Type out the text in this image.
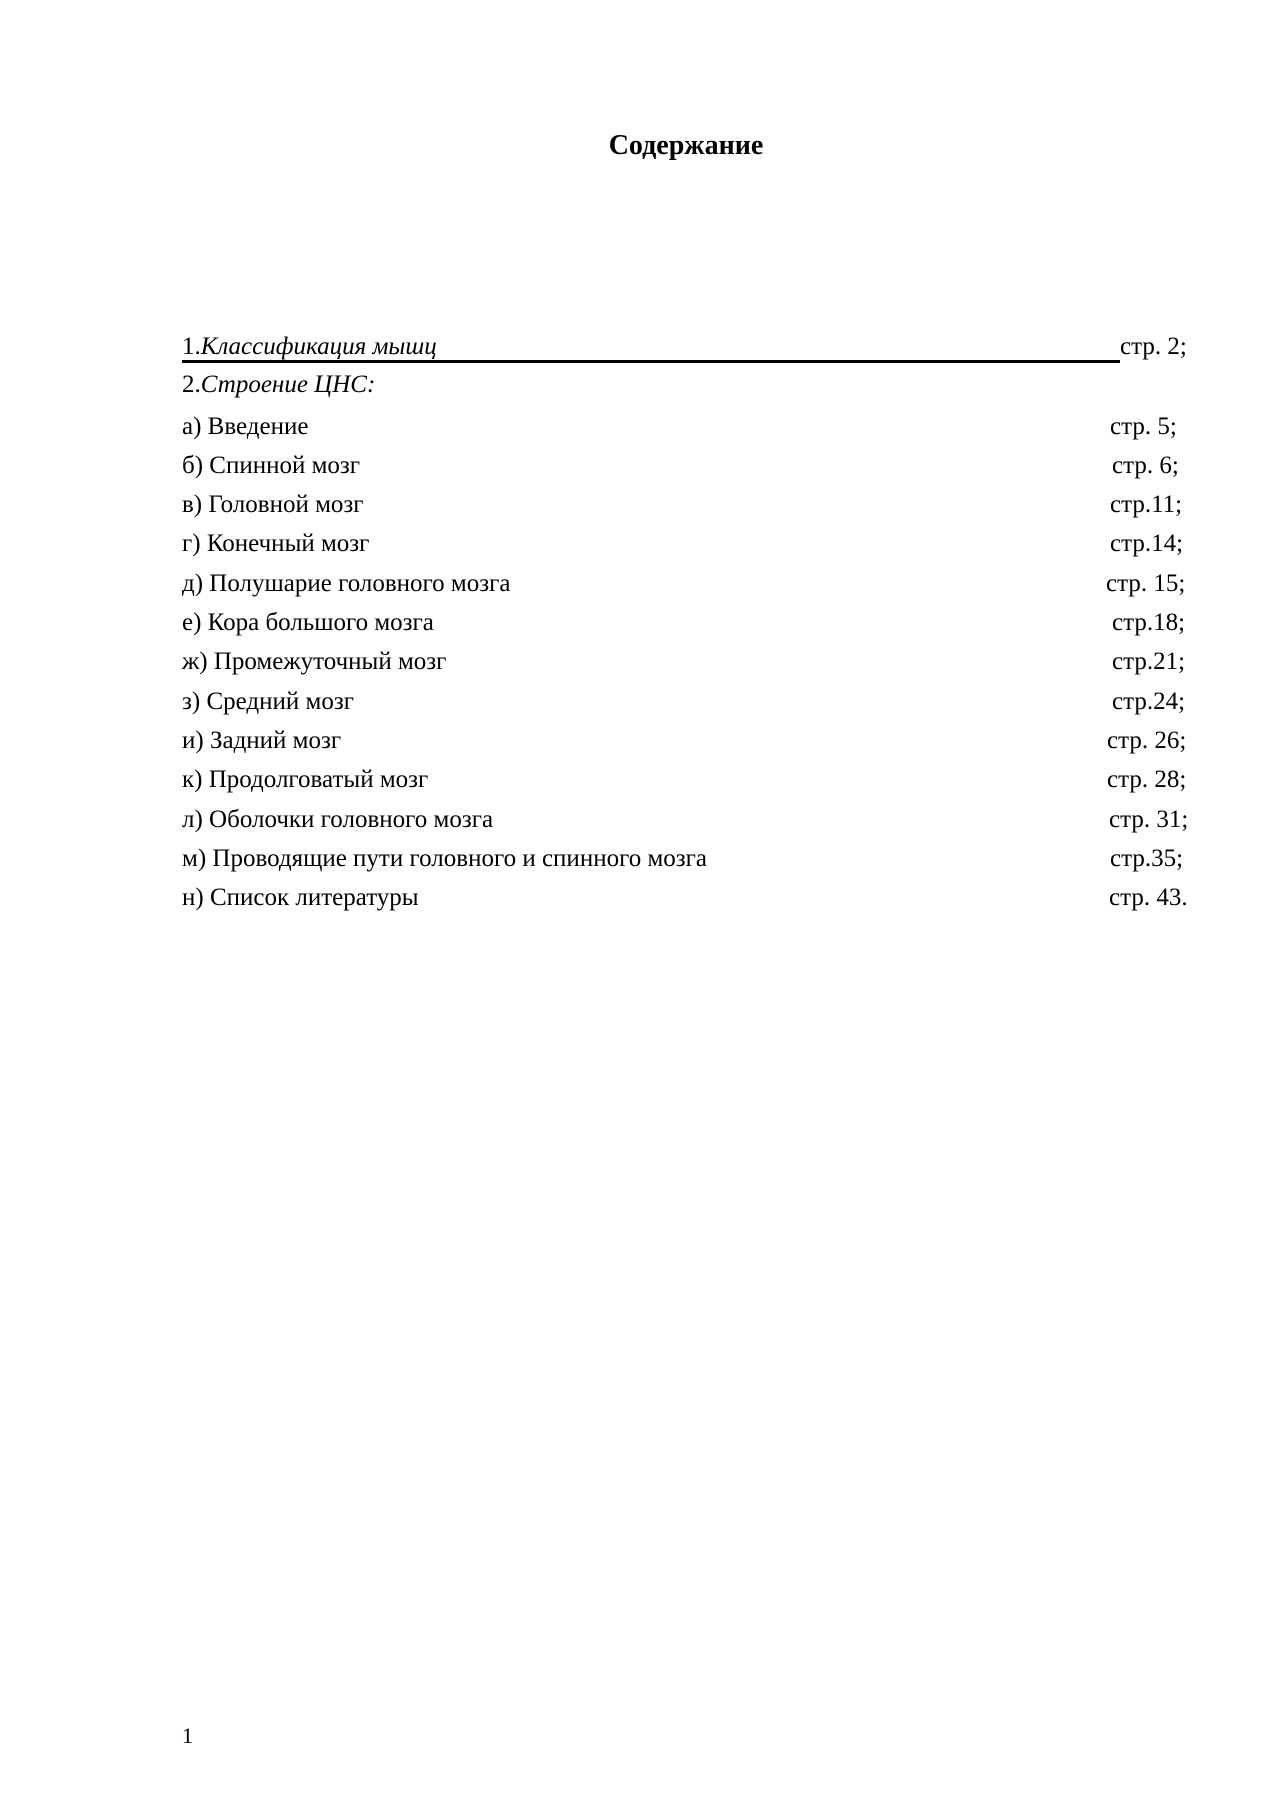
Содержание
1.Классификация мышц	стр. 2;
2.Строение ЦНС:
а) Введение	стр. 5;
б) Спинной мозг	стр. 6;
в) Головной мозг	стр.11;
г) Конечный мозг	стр.14;
д) Полушарие головного мозга	стр. 15;
е) Кора большого мозга	стр.18;
ж) Промежуточный мозг	стр.21;
з) Средний мозг	стр.24;
и) Задний мозг	стр. 26;
к) Продолговатый мозг	стр. 28;
л) Оболочки головного мозга	стр. 31;
м) Проводящие пути головного и спинного мозга	стр.35;
н) Список литературы	стр. 43.
1
